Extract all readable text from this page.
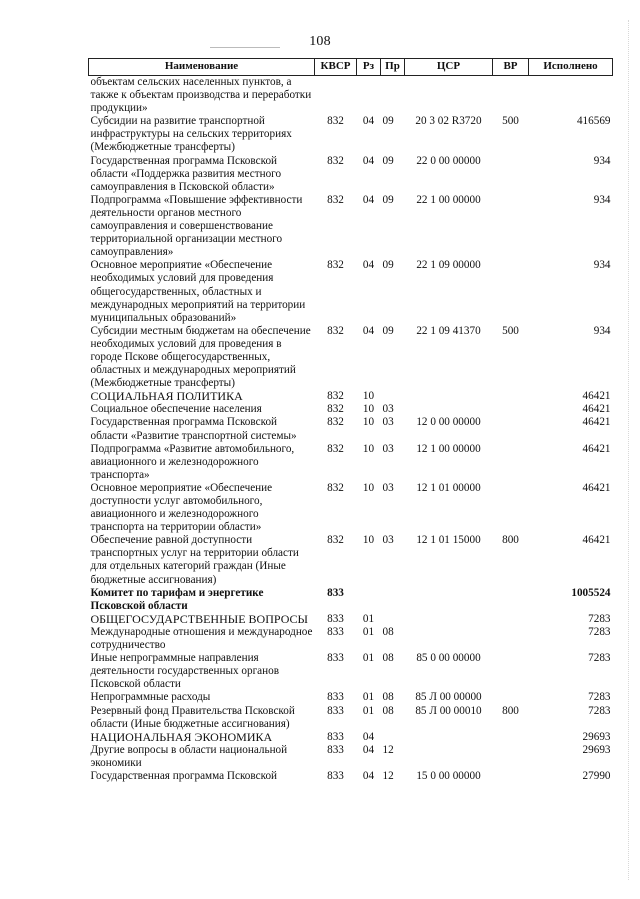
108
Наименование	КВСР	Рз	Пр	ЦСР	ВР	Исполнено
объектам сельских населенных пунктов, а также к объектам производства и переработки продукции»						
Субсидии на развитие транспортной инфраструктуры на сельских территориях (Межбюджетные трансферты)	832	04	09	20 3 02 R3720	500	416569
Государственная программа Псковской области «Поддержка развития местного самоуправления в Псковской области»	832	04	09	22 0 00 00000		934
Подпрограмма «Повышение эффективности деятельности органов местного самоуправления и совершенствование территориальной организации местного самоуправления»	832	04	09	22 1 00 00000		934
Основное мероприятие «Обеспечение необходимых условий для проведения общегосударственных, областных и международных мероприятий на территории муниципальных образований»	832	04	09	22 1 09 00000		934
Субсидии местным бюджетам на обеспечение необходимых условий для проведения в городе Пскове общегосударственных, областных и международных мероприятий (Межбюджетные трансферты)	832	04	09	22 1 09 41370	500	934
СОЦИАЛЬНАЯ ПОЛИТИКА	832	10				46421
Социальное обеспечение населения	832	10	03			46421
Государственная программа Псковской области «Развитие транспортной системы»	832	10	03	12 0 00 00000		46421
Подпрограмма «Развитие автомобильного, авиационного и железнодорожного транспорта»	832	10	03	12 1 00 00000		46421
Основное мероприятие «Обеспечение доступности услуг автомобильного, авиационного и железнодорожного транспорта на территории области»	832	10	03	12 1 01 00000		46421
Обеспечение равной доступности транспортных услуг на территории области для отдельных категорий граждан (Иные бюджетные ассигнования)	832	10	03	12 1 01 15000	800	46421
Комитет по тарифам и энергетике Псковской области	833					1005524
ОБЩЕГОСУДАРСТВЕННЫЕ ВОПРОСЫ	833	01				7283
Международные отношения и международное сотрудничество	833	01	08			7283
Иные непрограммные направления деятельности государственных органов Псковской области	833	01	08	85 0 00 00000		7283
Непрограммные расходы	833	01	08	85 Л 00 00000		7283
Резервный фонд Правительства Псковской области (Иные бюджетные ассигнования)	833	01	08	85 Л 00 00010	800	7283
НАЦИОНАЛЬНАЯ ЭКОНОМИКА	833	04				29693
Другие вопросы в области национальной экономики	833	04	12			29693
Государственная программа Псковской	833	04	12	15 0 00 00000		27990
